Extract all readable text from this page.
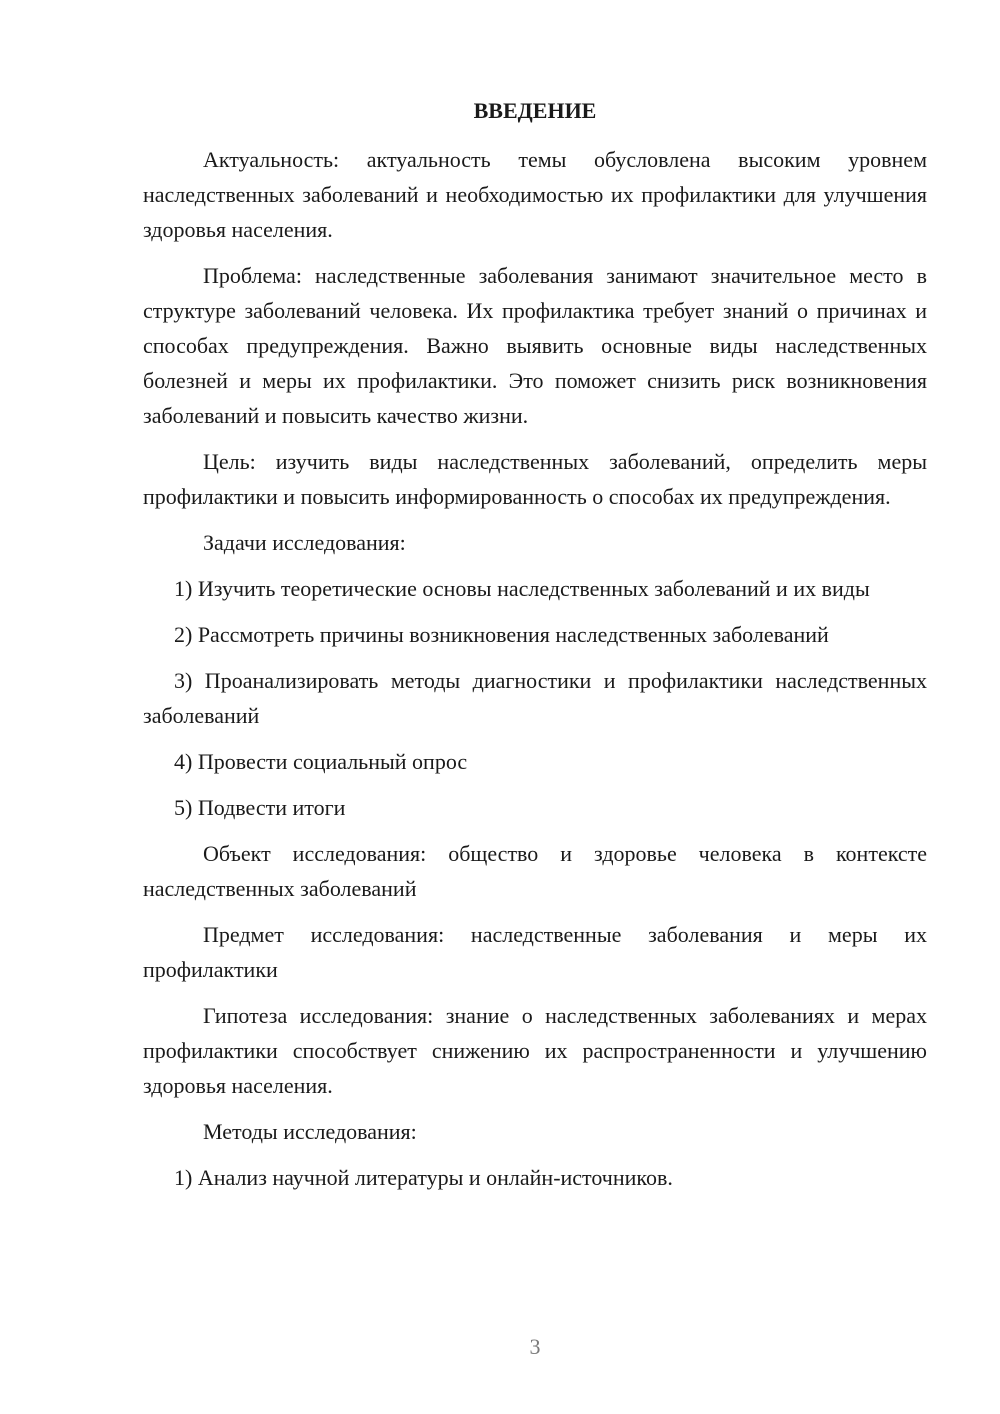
ВВЕДЕНИЕ

Актуальность: актуальность темы обусловлена высоким уровнем наследственных заболеваний и необходимостью их профилактики для улучшения здоровья населения.

Проблема: наследственные заболевания занимают значительное место в структуре заболеваний человека. Их профилактика требует знаний о причинах и способах предупреждения. Важно выявить основные виды наследственных болезней и меры их профилактики. Это поможет снизить риск возникновения заболеваний и повысить качество жизни.

Цель: изучить виды наследственных заболеваний, определить меры профилактики и повысить информированность о способах их предупреждения.

Задачи исследования:

1) Изучить теоретические основы наследственных заболеваний и их виды

2) Рассмотреть причины возникновения наследственных заболеваний

3) Проанализировать методы диагностики и профилактики наследственных заболеваний

4) Провести социальный опрос

5) Подвести итоги

Объект исследования: общество и здоровье человека в контексте наследственных заболеваний

Предмет исследования: наследственные заболевания и меры их профилактики

Гипотеза исследования: знание о наследственных заболеваниях и мерах профилактики способствует снижению их распространенности и улучшению здоровья населения.

Методы исследования:

1) Анализ научной литературы и онлайн-источников.

3
